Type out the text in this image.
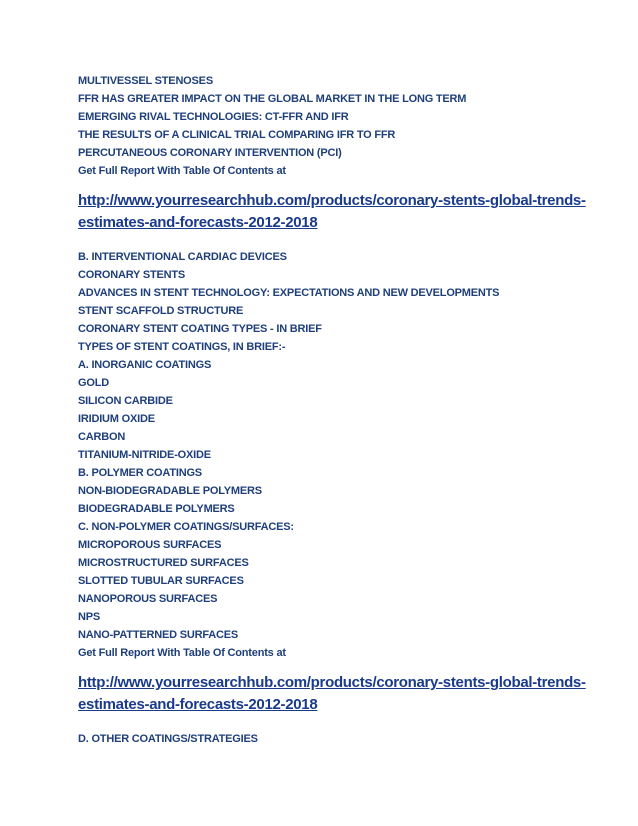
MULTIVESSEL STENOSES
FFR HAS GREATER IMPACT ON THE GLOBAL MARKET IN THE LONG TERM
EMERGING RIVAL TECHNOLOGIES: CT-FFR AND IFR
THE RESULTS OF A CLINICAL TRIAL COMPARING IFR TO FFR
PERCUTANEOUS CORONARY INTERVENTION (PCI)
Get Full Report With Table Of Contents at
http://www.yourresearchhub.com/products/coronary-stents-global-trends-
estimates-and-forecasts-2012-2018
B. INTERVENTIONAL CARDIAC DEVICES
CORONARY STENTS
ADVANCES IN STENT TECHNOLOGY: EXPECTATIONS AND NEW DEVELOPMENTS
STENT SCAFFOLD STRUCTURE
CORONARY STENT COATING TYPES - IN BRIEF
TYPES OF STENT COATINGS, IN BRIEF:-
A. INORGANIC COATINGS
GOLD
SILICON CARBIDE
IRIDIUM OXIDE
CARBON
TITANIUM-NITRIDE-OXIDE
B. POLYMER COATINGS
NON-BIODEGRADABLE POLYMERS
BIODEGRADABLE POLYMERS
C. NON-POLYMER COATINGS/SURFACES:
MICROPOROUS SURFACES
MICROSTRUCTURED SURFACES
SLOTTED TUBULAR SURFACES
NANOPOROUS SURFACES
NPS
NANO-PATTERNED SURFACES
Get Full Report With Table Of Contents at
http://www.yourresearchhub.com/products/coronary-stents-global-trends-
estimates-and-forecasts-2012-2018
D. OTHER COATINGS/STRATEGIES
